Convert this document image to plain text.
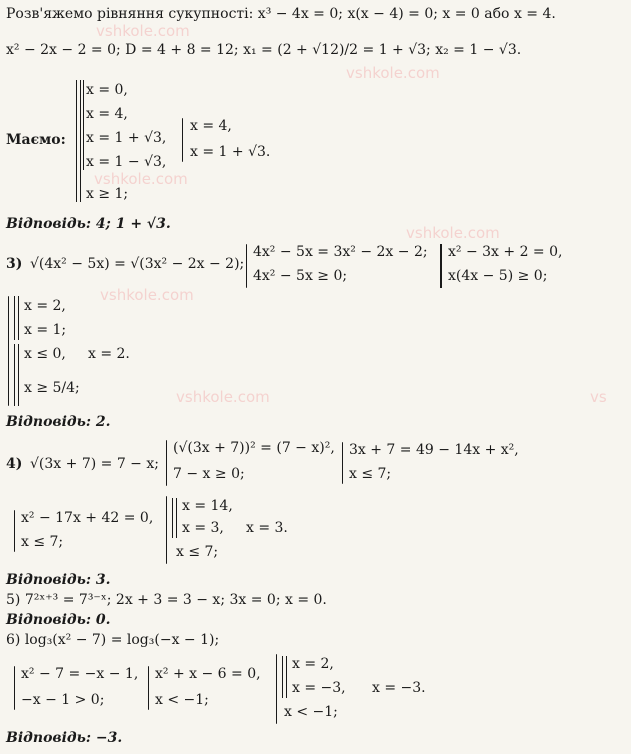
vshkole.com
vshkole.com
vshkole.com
vshkole.com
vshkole.com
vshkole.com	vs
Розв'яжемо рівняння сукупності: x³ − 4x = 0; x(x − 4) = 0; x = 0 або x = 4.
x² − 2x − 2 = 0; D = 4 + 8 = 12; x₁ = (2 + √12)/2 = 1 + √3; x₂ = 1 − √3.
Маємо:
x = 0,
x = 4,
x = 1 + √3,
x = 1 − √3,
x ≥ 1;
x = 4,
x = 1 + √3.
Відповідь: 4; 1 + √3.
3) √(4x² − 5x) = √(3x² − 2x − 2);
4x² − 5x = 3x² − 2x − 2;
4x² − 5x ≥ 0;
x² − 3x + 2 = 0,
x(4x − 5) ≥ 0;
x = 2,
x = 1;
x ≤ 0,
x ≥ 5/4;
x = 2.
Відповідь: 2.
4) √(3x + 7) = 7 − x;
(√(3x + 7))² = (7 − x)²,
7 − x ≥ 0;
3x + 7 = 49 − 14x + x²,
x ≤ 7;
x² − 17x + 42 = 0,
x ≤ 7;
x = 14,
x = 3,
x ≤ 7;
x = 3.
Відповідь: 3.
5) 7²ˣ⁺³ = 7³⁻ˣ; 2x + 3 = 3 − x; 3x = 0; x = 0.
Відповідь: 0.
6) log₃(x² − 7) = log₃(−x − 1);
x² − 7 = −x − 1,
−x − 1 > 0;
x² + x − 6 = 0,
x < −1;
x = 2,
x = −3,
x < −1;
x = −3.
Відповідь: −3.
